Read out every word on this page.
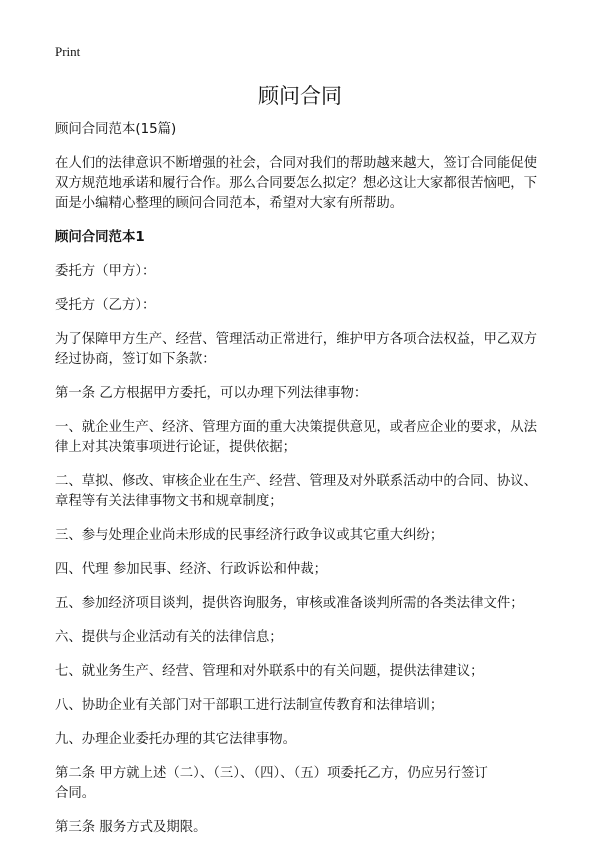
Print
顾问合同
顾问合同范本(15篇)
在人们的法律意识不断增强的社会，合同对我们的帮助越来越大，签订合同能促使
双方规范地承诺和履行合作。那么合同要怎么拟定？想必这让大家都很苦恼吧，下
面是小编精心整理的顾问合同范本，希望对大家有所帮助。
顾问合同范本1
委托方（甲方）：
受托方（乙方）：
为了保障甲方生产、经营、管理活动正常进行，维护甲方各项合法权益，甲乙双方
经过协商，签订如下条款：
第一条 乙方根据甲方委托，可以办理下列法律事物：
一、就企业生产、经济、管理方面的重大决策提供意见，或者应企业的要求，从法
律上对其决策事项进行论证，提供依据；
二、草拟、修改、审核企业在生产、经营、管理及对外联系活动中的合同、协议、
章程等有关法律事物文书和规章制度；
三、参与处理企业尚未形成的民事经济行政争议或其它重大纠纷；
四、代理 参加民事、经济、行政诉讼和仲裁；
五、参加经济项目谈判，提供咨询服务，审核或准备谈判所需的各类法律文件；
六、提供与企业活动有关的法律信息；
七、就业务生产、经营、管理和对外联系中的有关问题，提供法律建议；
八、协助企业有关部门对干部职工进行法制宣传教育和法律培训；
九、办理企业委托办理的其它法律事物。
第二条 甲方就上述（二）、（三）、（四）、（五）项委托乙方，仍应另行签订
合同。
第三条 服务方式及期限。
